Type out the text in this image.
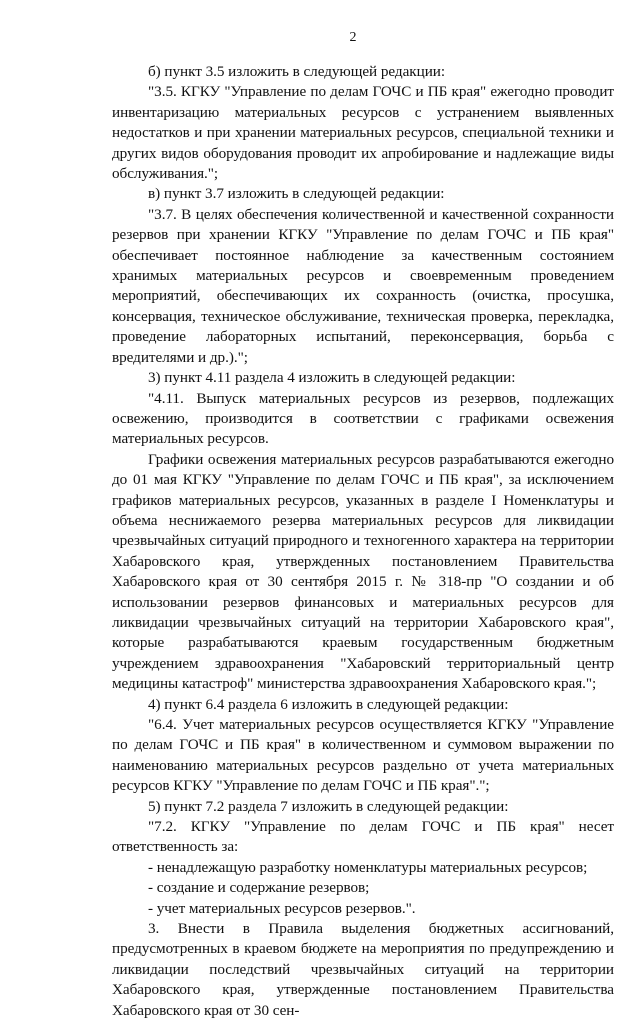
2

б) пункт 3.5 изложить в следующей редакции:

"3.5. КГКУ "Управление по делам ГОЧС и ПБ края" ежегодно проводит инвентаризацию материальных ресурсов с устранением выявленных недостатков и при хранении материальных ресурсов, специальной техники и других видов оборудования проводит их апробирование и надлежащие виды обслуживания.";

в) пункт 3.7 изложить в следующей редакции:

"3.7. В целях обеспечения количественной и качественной сохранности резервов при хранении КГКУ "Управление по делам ГОЧС и ПБ края" обеспечивает постоянное наблюдение за качественным состоянием хранимых материальных ресурсов и своевременным проведением мероприятий, обеспечивающих их сохранность (очистка, просушка, консервация, техническое обслуживание, техническая проверка, перекладка, проведение лабораторных испытаний, переконсервация, борьба с вредителями и др.).";

3) пункт 4.11 раздела 4 изложить в следующей редакции:

"4.11. Выпуск материальных ресурсов из резервов, подлежащих освежению, производится в соответствии с графиками освежения материальных ресурсов.

Графики освежения материальных ресурсов разрабатываются ежегодно до 01 мая КГКУ "Управление по делам ГОЧС и ПБ края", за исключением графиков материальных ресурсов, указанных в разделе I Номенклатуры и объема неснижаемого резерва материальных ресурсов для ликвидации чрезвычайных ситуаций природного и техногенного характера на территории Хабаровского края, утвержденных постановлением Правительства Хабаровского края от 30 сентября 2015 г. № 318-пр "О создании и об использовании резервов финансовых и материальных ресурсов для ликвидации чрезвычайных ситуаций на территории Хабаровского края", которые разрабатываются краевым государственным бюджетным учреждением здравоохранения "Хабаровский территориальный центр медицины катастроф" министерства здравоохранения Хабаровского края.";

4) пункт 6.4 раздела 6 изложить в следующей редакции:

"6.4. Учет материальных ресурсов осуществляется КГКУ "Управление по делам ГОЧС и ПБ края" в количественном и суммовом выражении по наименованию материальных ресурсов раздельно от учета материальных ресурсов КГКУ "Управление по делам ГОЧС и ПБ края".";

5) пункт 7.2 раздела 7 изложить в следующей редакции:

"7.2. КГКУ "Управление по делам ГОЧС и ПБ края" несет ответственность за:

- ненадлежащую разработку номенклатуры материальных ресурсов;

- создание и содержание резервов;

- учет материальных ресурсов резервов.".

3. Внести в Правила выделения бюджетных ассигнований, предусмотренных в краевом бюджете на мероприятия по предупреждению и ликвидации последствий чрезвычайных ситуаций на территории Хабаровского края, утвержденные постановлением Правительства Хабаровского края от 30 сен-
